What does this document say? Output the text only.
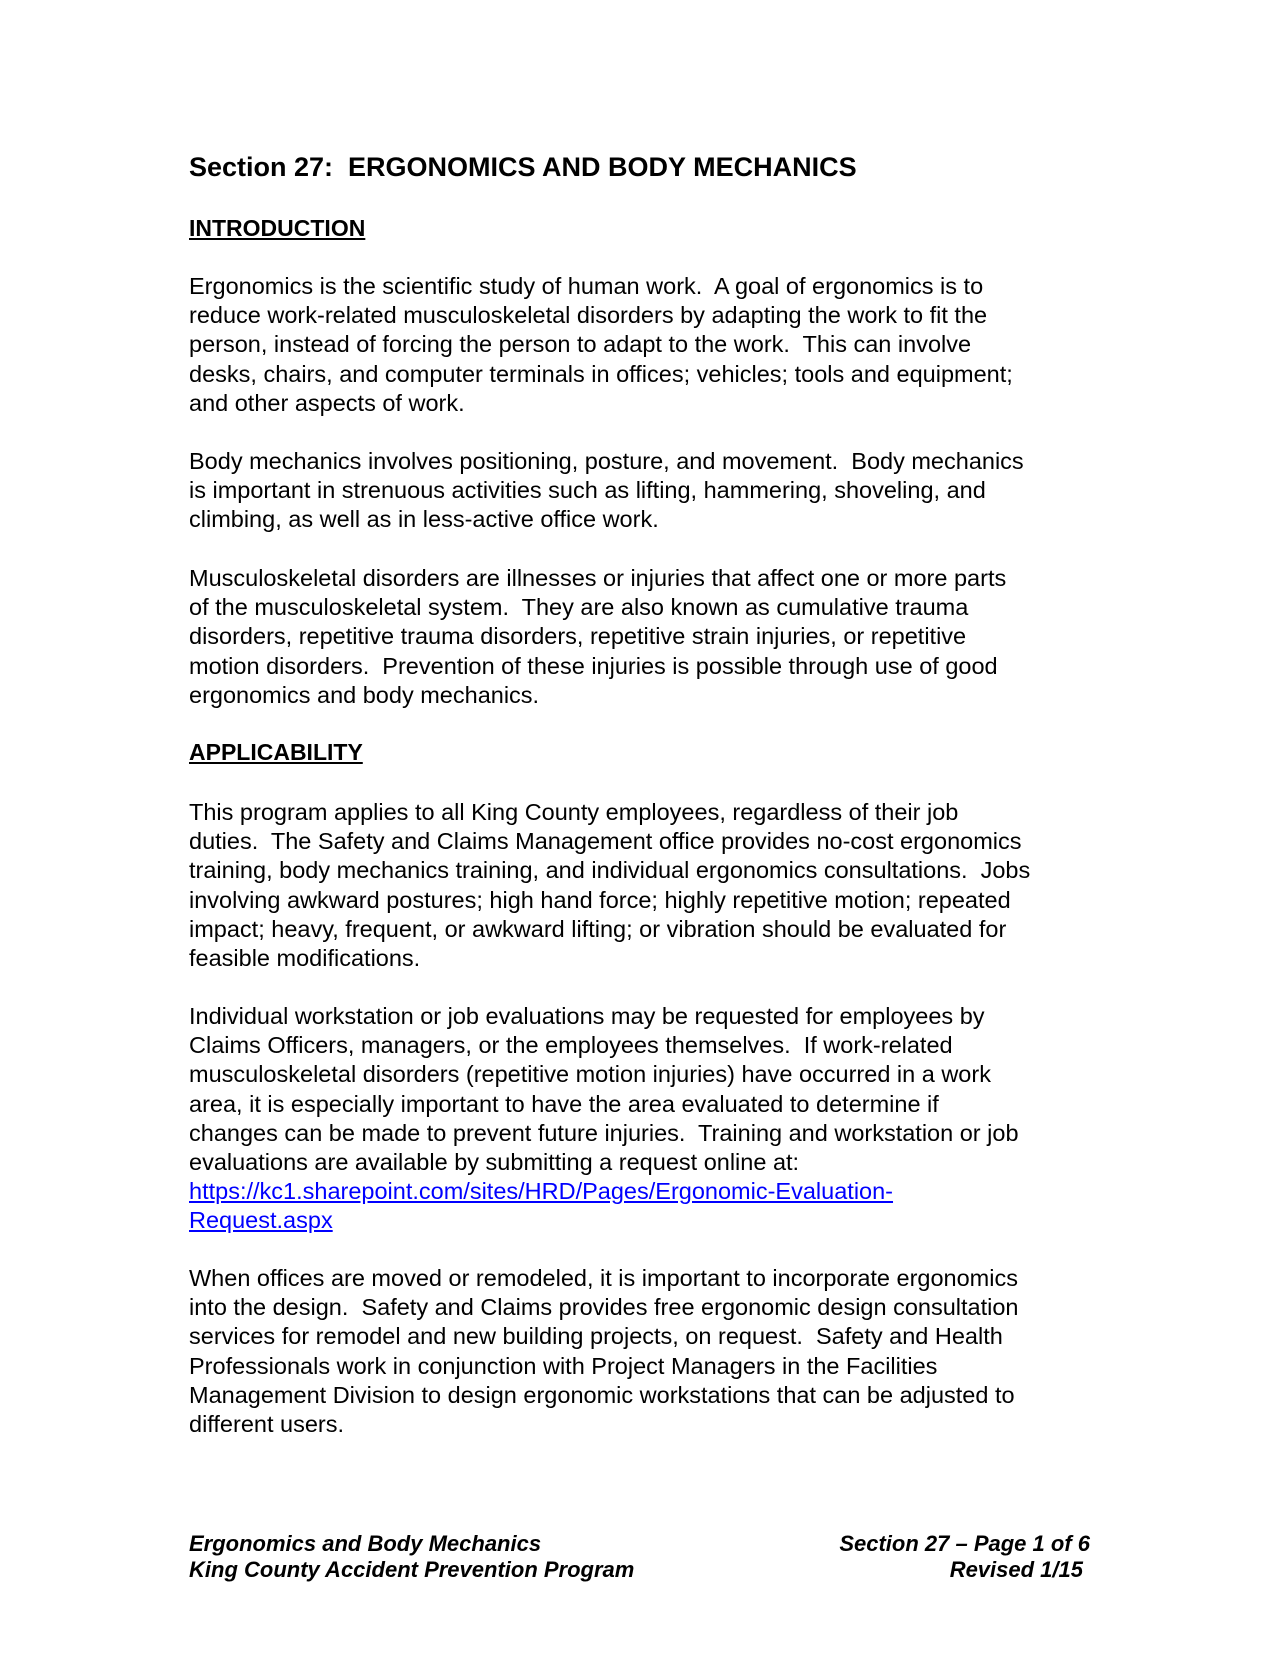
Section 27:  ERGONOMICS AND BODY MECHANICS
INTRODUCTION
Ergonomics is the scientific study of human work.  A goal of ergonomics is to
reduce work-related musculoskeletal disorders by adapting the work to fit the
person, instead of forcing the person to adapt to the work.  This can involve
desks, chairs, and computer terminals in offices; vehicles; tools and equipment;
and other aspects of work.
Body mechanics involves positioning, posture, and movement.  Body mechanics
is important in strenuous activities such as lifting, hammering, shoveling, and
climbing, as well as in less-active office work.
Musculoskeletal disorders are illnesses or injuries that affect one or more parts
of the musculoskeletal system.  They are also known as cumulative trauma
disorders, repetitive trauma disorders, repetitive strain injuries, or repetitive
motion disorders.  Prevention of these injuries is possible through use of good
ergonomics and body mechanics.
APPLICABILITY
This program applies to all King County employees, regardless of their job
duties.  The Safety and Claims Management office provides no-cost ergonomics
training, body mechanics training, and individual ergonomics consultations.  Jobs
involving awkward postures; high hand force; highly repetitive motion; repeated
impact; heavy, frequent, or awkward lifting; or vibration should be evaluated for
feasible modifications.
Individual workstation or job evaluations may be requested for employees by
Claims Officers, managers, or the employees themselves.  If work-related
musculoskeletal disorders (repetitive motion injuries) have occurred in a work
area, it is especially important to have the area evaluated to determine if
changes can be made to prevent future injuries.  Training and workstation or job
evaluations are available by submitting a request online at:
https://kc1.sharepoint.com/sites/HRD/Pages/Ergonomic-Evaluation-
Request.aspx
When offices are moved or remodeled, it is important to incorporate ergonomics
into the design.  Safety and Claims provides free ergonomic design consultation
services for remodel and new building projects, on request.  Safety and Health
Professionals work in conjunction with Project Managers in the Facilities
Management Division to design ergonomic workstations that can be adjusted to
different users.
Ergonomics and Body Mechanics
King County Accident Prevention Program
Section 27 – Page 1 of 6
Revised 1/15
